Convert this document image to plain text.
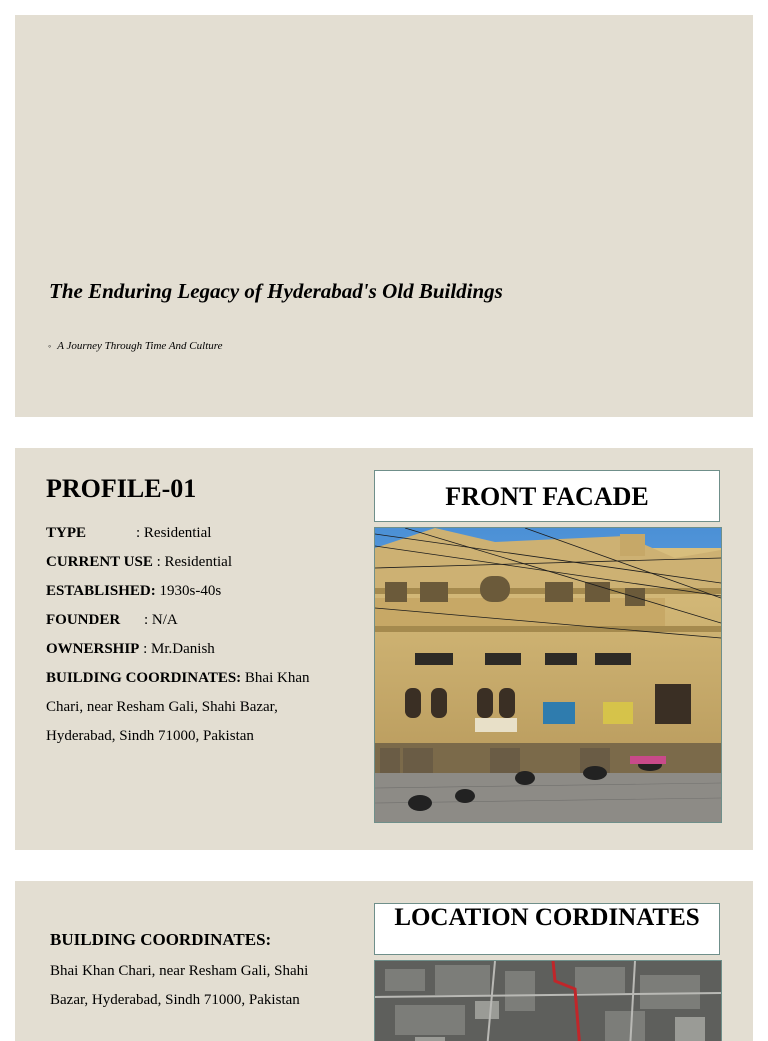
The Enduring Legacy of Hyderabad's Old Buildings
◦ A Journey Through Time And Culture
PROFILE-01
TYPE	: Residential
CURRENT USE : Residential
ESTABLISHED: 1930s-40s
FOUNDER : N/A
OWNERSHIP : Mr.Danish
BUILDING COORDINATES: Bhai Khan Chari, near Resham Gali, Shahi Bazar, Hyderabad, Sindh 71000, Pakistan
FRONT FACADE
BUILDING COORDINATES:
Bhai Khan Chari, near Resham Gali, Shahi Bazar, Hyderabad, Sindh 71000, Pakistan
LOCATION CORDINATES
